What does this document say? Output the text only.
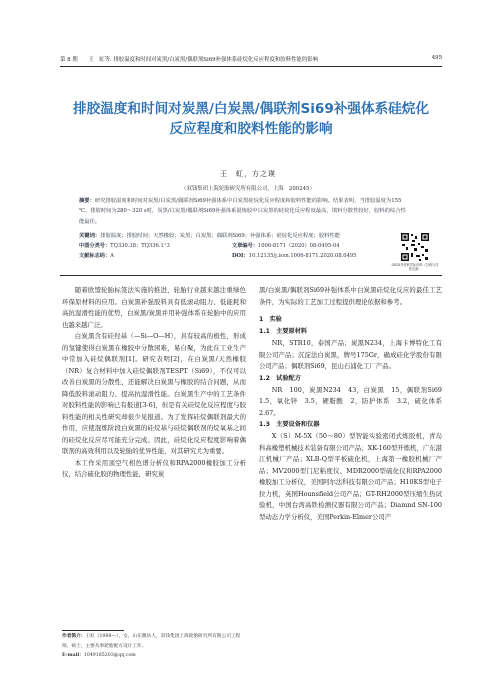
第 8 期　　王　虹等. 排胶温度和时间对炭黑/白炭黑/偶联剂Si69补强体系硅烷化反应程度和胶料性能的影响	495
排胶温度和时间对炭黑/白炭黑/偶联剂Si69补强体系硅烷化反应程度和胶料性能的影响
王　虹，方之瑛
（双钱集团上海轮胎研究所有限公司，上海　200245）
摘要：研究排胶温度和时间对炭黑/白炭黑/偶联剂Si69补强体系中白炭黑硅烷化反应程度和胶料性能的影响。结果表明，当排胶温度为155 ℃、排胶时间为280～320 s时，炭黑/白炭黑/偶联剂Si69补强体系混炼胶中白炭黑的硅烷化反应程度最高，填料分散性较好，胶料的综合性能最佳。
关键词：排胶温度；排胶时间；天然橡胶；炭黑；白炭黑；偶联剂Si69；补强体系；硅烷化反应程度；胶料性能
中图分类号：TQ330.38；TQ336.1⁺3
文献标志码：A
文章编号：1006-8171（2020）08-0495-04
DOI：10.12135/j.issn.1006-8171.2020.08.0495
OSID开放科学标识码（扫码与作者交流）

随着欧盟轮胎标签法实施的推进，轮胎行业越来越注重绿色环保原材料的应用。白炭黑补强胶料具有低滚动阻力、低能耗和高抗湿滑性能的优势，白炭黑/炭黑并用补强体系在轮胎中的应用也越来越广泛。

白炭黑含有硅羟基（—Si—O—H），具有较高的极性，形成的氢键使得白炭黑在橡胶中分散困难，易自聚，为此在工业生产中常加入硅烷偶联剂[1]。研究表明[2]，在白炭黑/天然橡胶（NR）复合材料中加入硅烷偶联剂TESPT（Si69），不仅可以改善白炭黑的分散性，还能解决白炭黑与橡胶的结合问题，从而降低胶料滚动阻力、提高抗湿滑性能。白炭黑生产中的工艺条件对胶料性能的影响已有报道[3-6]，但是有关硅烷化反应程度与胶料性能的相关性研究却很少见报道。为了发挥硅烷偶联剂最大的作用，应使混炼阶段白炭黑的硅烷基与硅烷偶联剂的烷氧基之间的硅烷化反应尽可能充分完成。因此，硅烷化反应程度影响着偶联剂的高效利用以及轮胎的优异性能，对其研究尤为重要。

本工作采用顶空气相色谱分析仪和RPA2000橡胶加工分析仪，结合硫化胶的物理性能，研究炭

黑/白炭黑/偶联剂Si69补强体系中白炭黑硅烷化反应的最佳工艺条件，为实际的工艺加工过程提供理论依据和参考。

1　实验
1.1　主要原材料

NR，STR10，泰国产品；炭黑N234，上海卡博特化工有限公司产品；沉淀法白炭黑，牌号175Gr，确成硅化学股份有限公司产品；偶联剂Si69，昆山石浦化工厂产品。

1.2　试验配方

NR　100，炭黑N234　43，白炭黑　15，偶联剂Si69　1.5，氧化锌　3.5，硬脂酸　2，防护体系　3.2，硫化体系　2.67。

1.3　主要设备和仪器

X（S）M-5X（50～80）型智能实验密闭式炼胶机，青岛科高橡塑机械技术装备有限公司产品；XK-160型开炼机，广东湛江机械厂产品；XLB-Q型平板硫化机，上海第一橡胶机械厂产品；MV2000型门尼粘度仪、MDR2000型硫化仪和RPA2000橡胶加工分析仪，美国阿尔法科技有限公司产品；H10KS型电子拉力机，英国Hounsfield公司产品；GT-RH2000型压缩生热试验机，中国台湾高铁检测仪器有限公司产品；Diamnd SN-100型动态力学分析仪，美国Perkin-Elmer公司产

作者简介：王虹（1988—），女，山东潍坊人，双钱集团上海轮胎研究所有限公司工程师，硕士，主要从事轮胎配方设计工作。
E-mail：1049185203@qq.com
